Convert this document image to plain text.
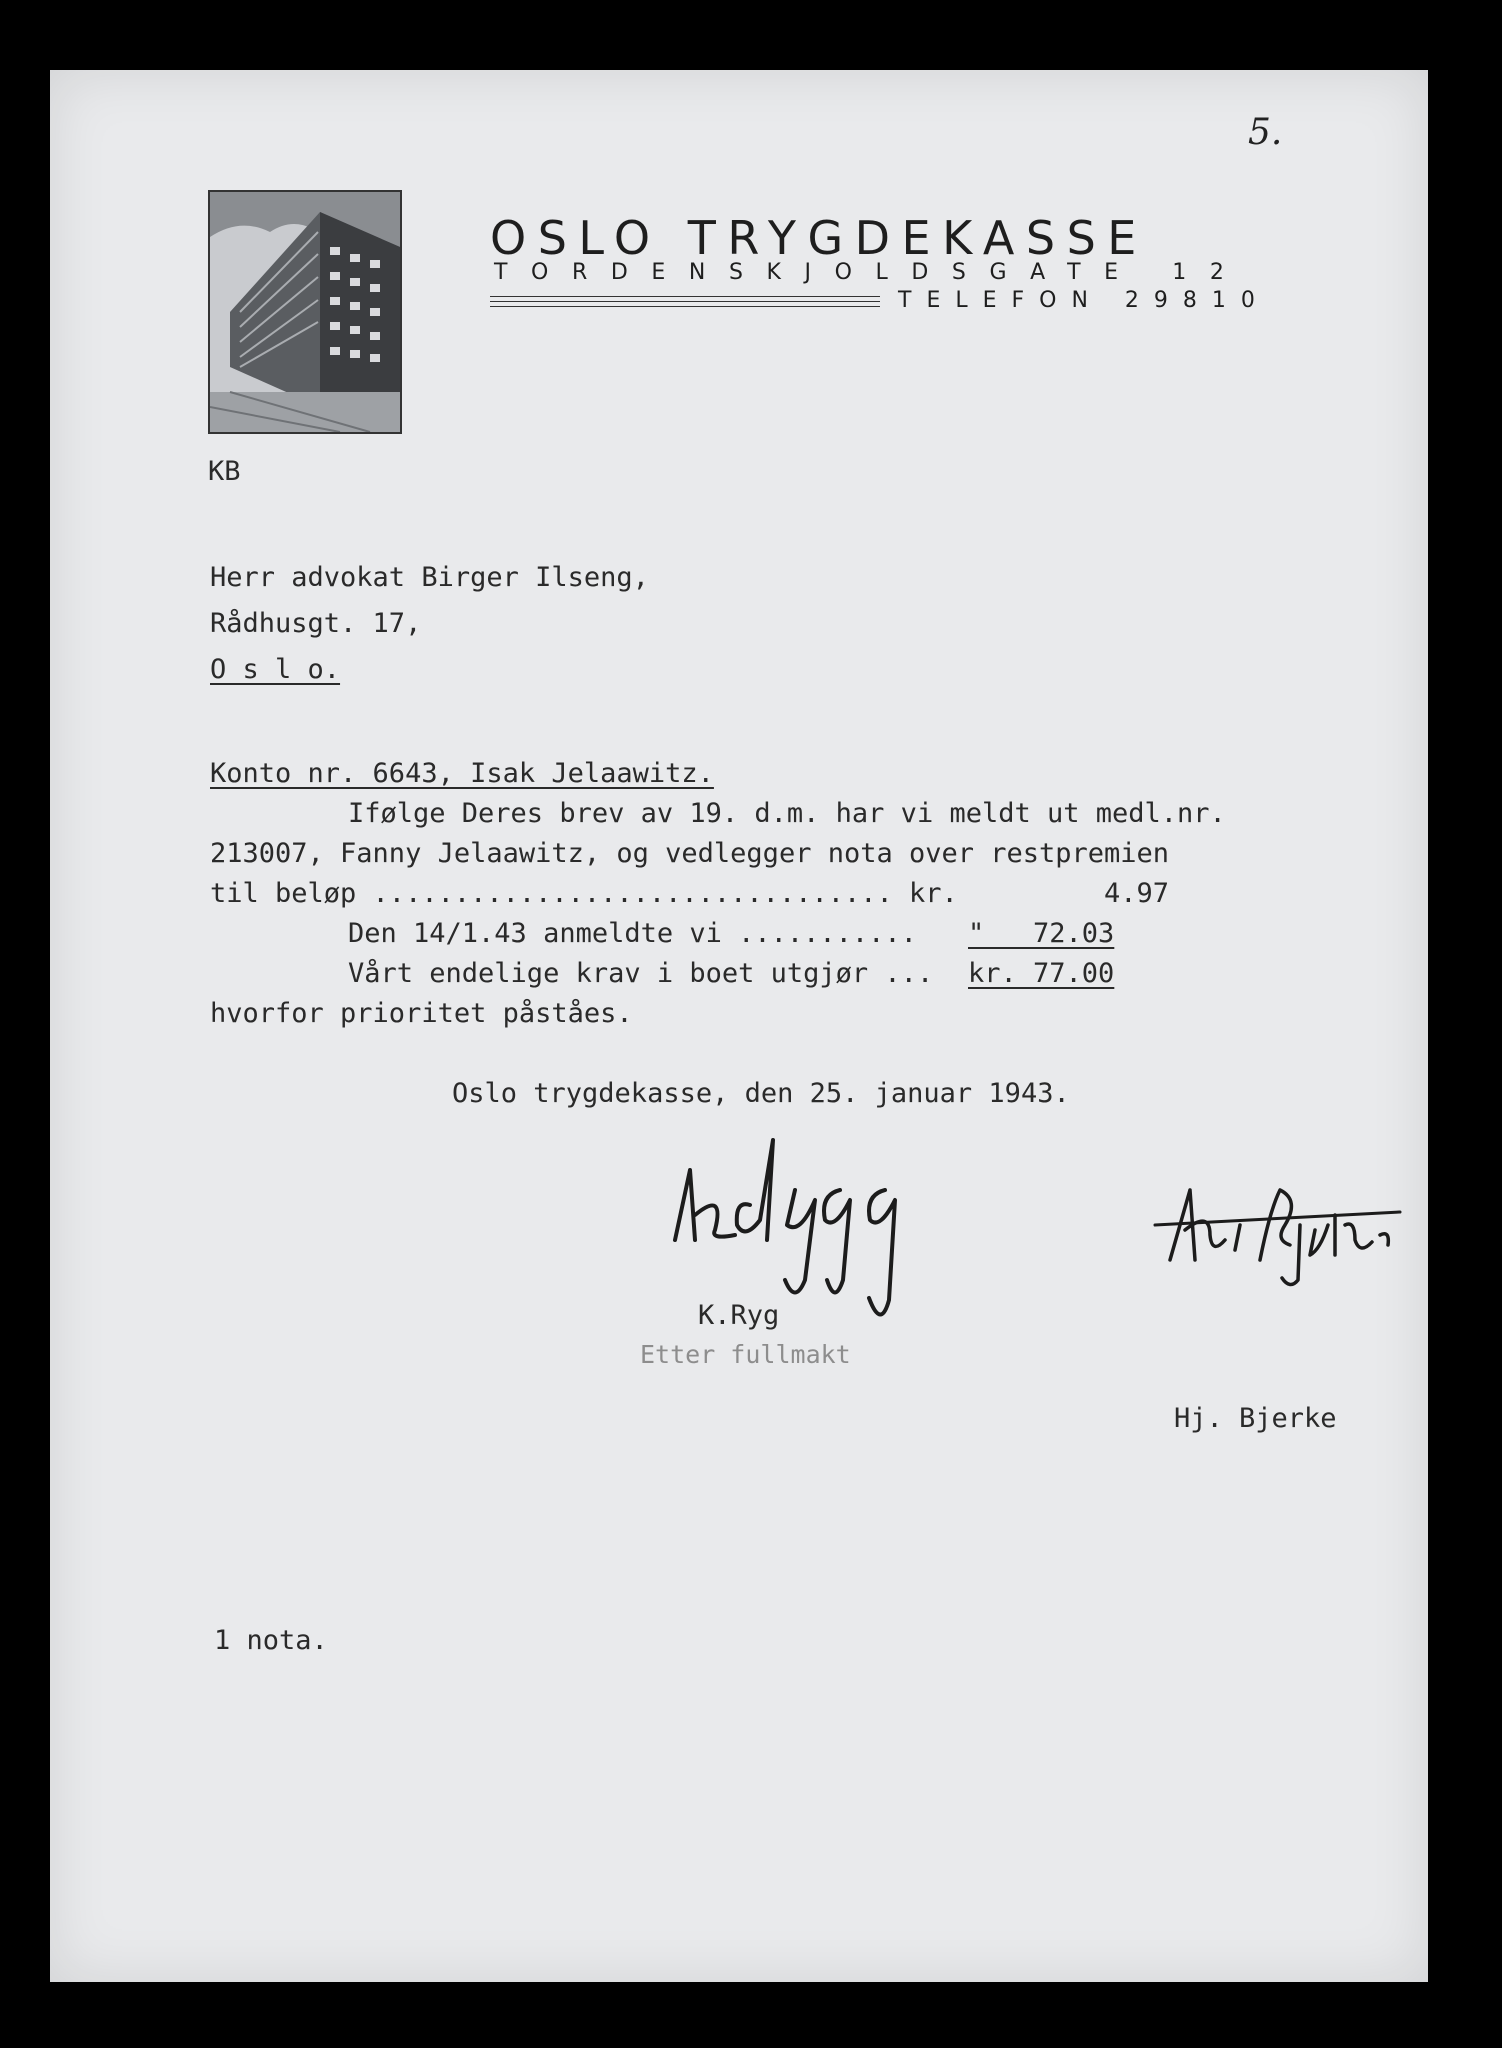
OSLO TRYGDEKASSE
TORDENSKJOLDSGATE 12
TELEFON 29810
5.
KB
Herr advokat Birger Ilseng,
Rådhusgt. 17,
O s l o.
Konto nr. 6643, Isak Jelaawitz.
Ifølge Deres brev av 19. d.m. har vi meldt ut medl.nr.
213007, Fanny Jelaawitz, og vedlegger nota over restpremien
til beløp ................................ kr.	4.97
Den 14/1.43 anmeldte vi ........... "   72.03
Vårt endelige krav i boet utgjør ... kr. 77.00
hvorfor prioritet påståes.
Oslo trygdekasse, den 25. januar 1943.
K.Ryg
Etter fullmakt
Hj. Bjerke
1 nota.
